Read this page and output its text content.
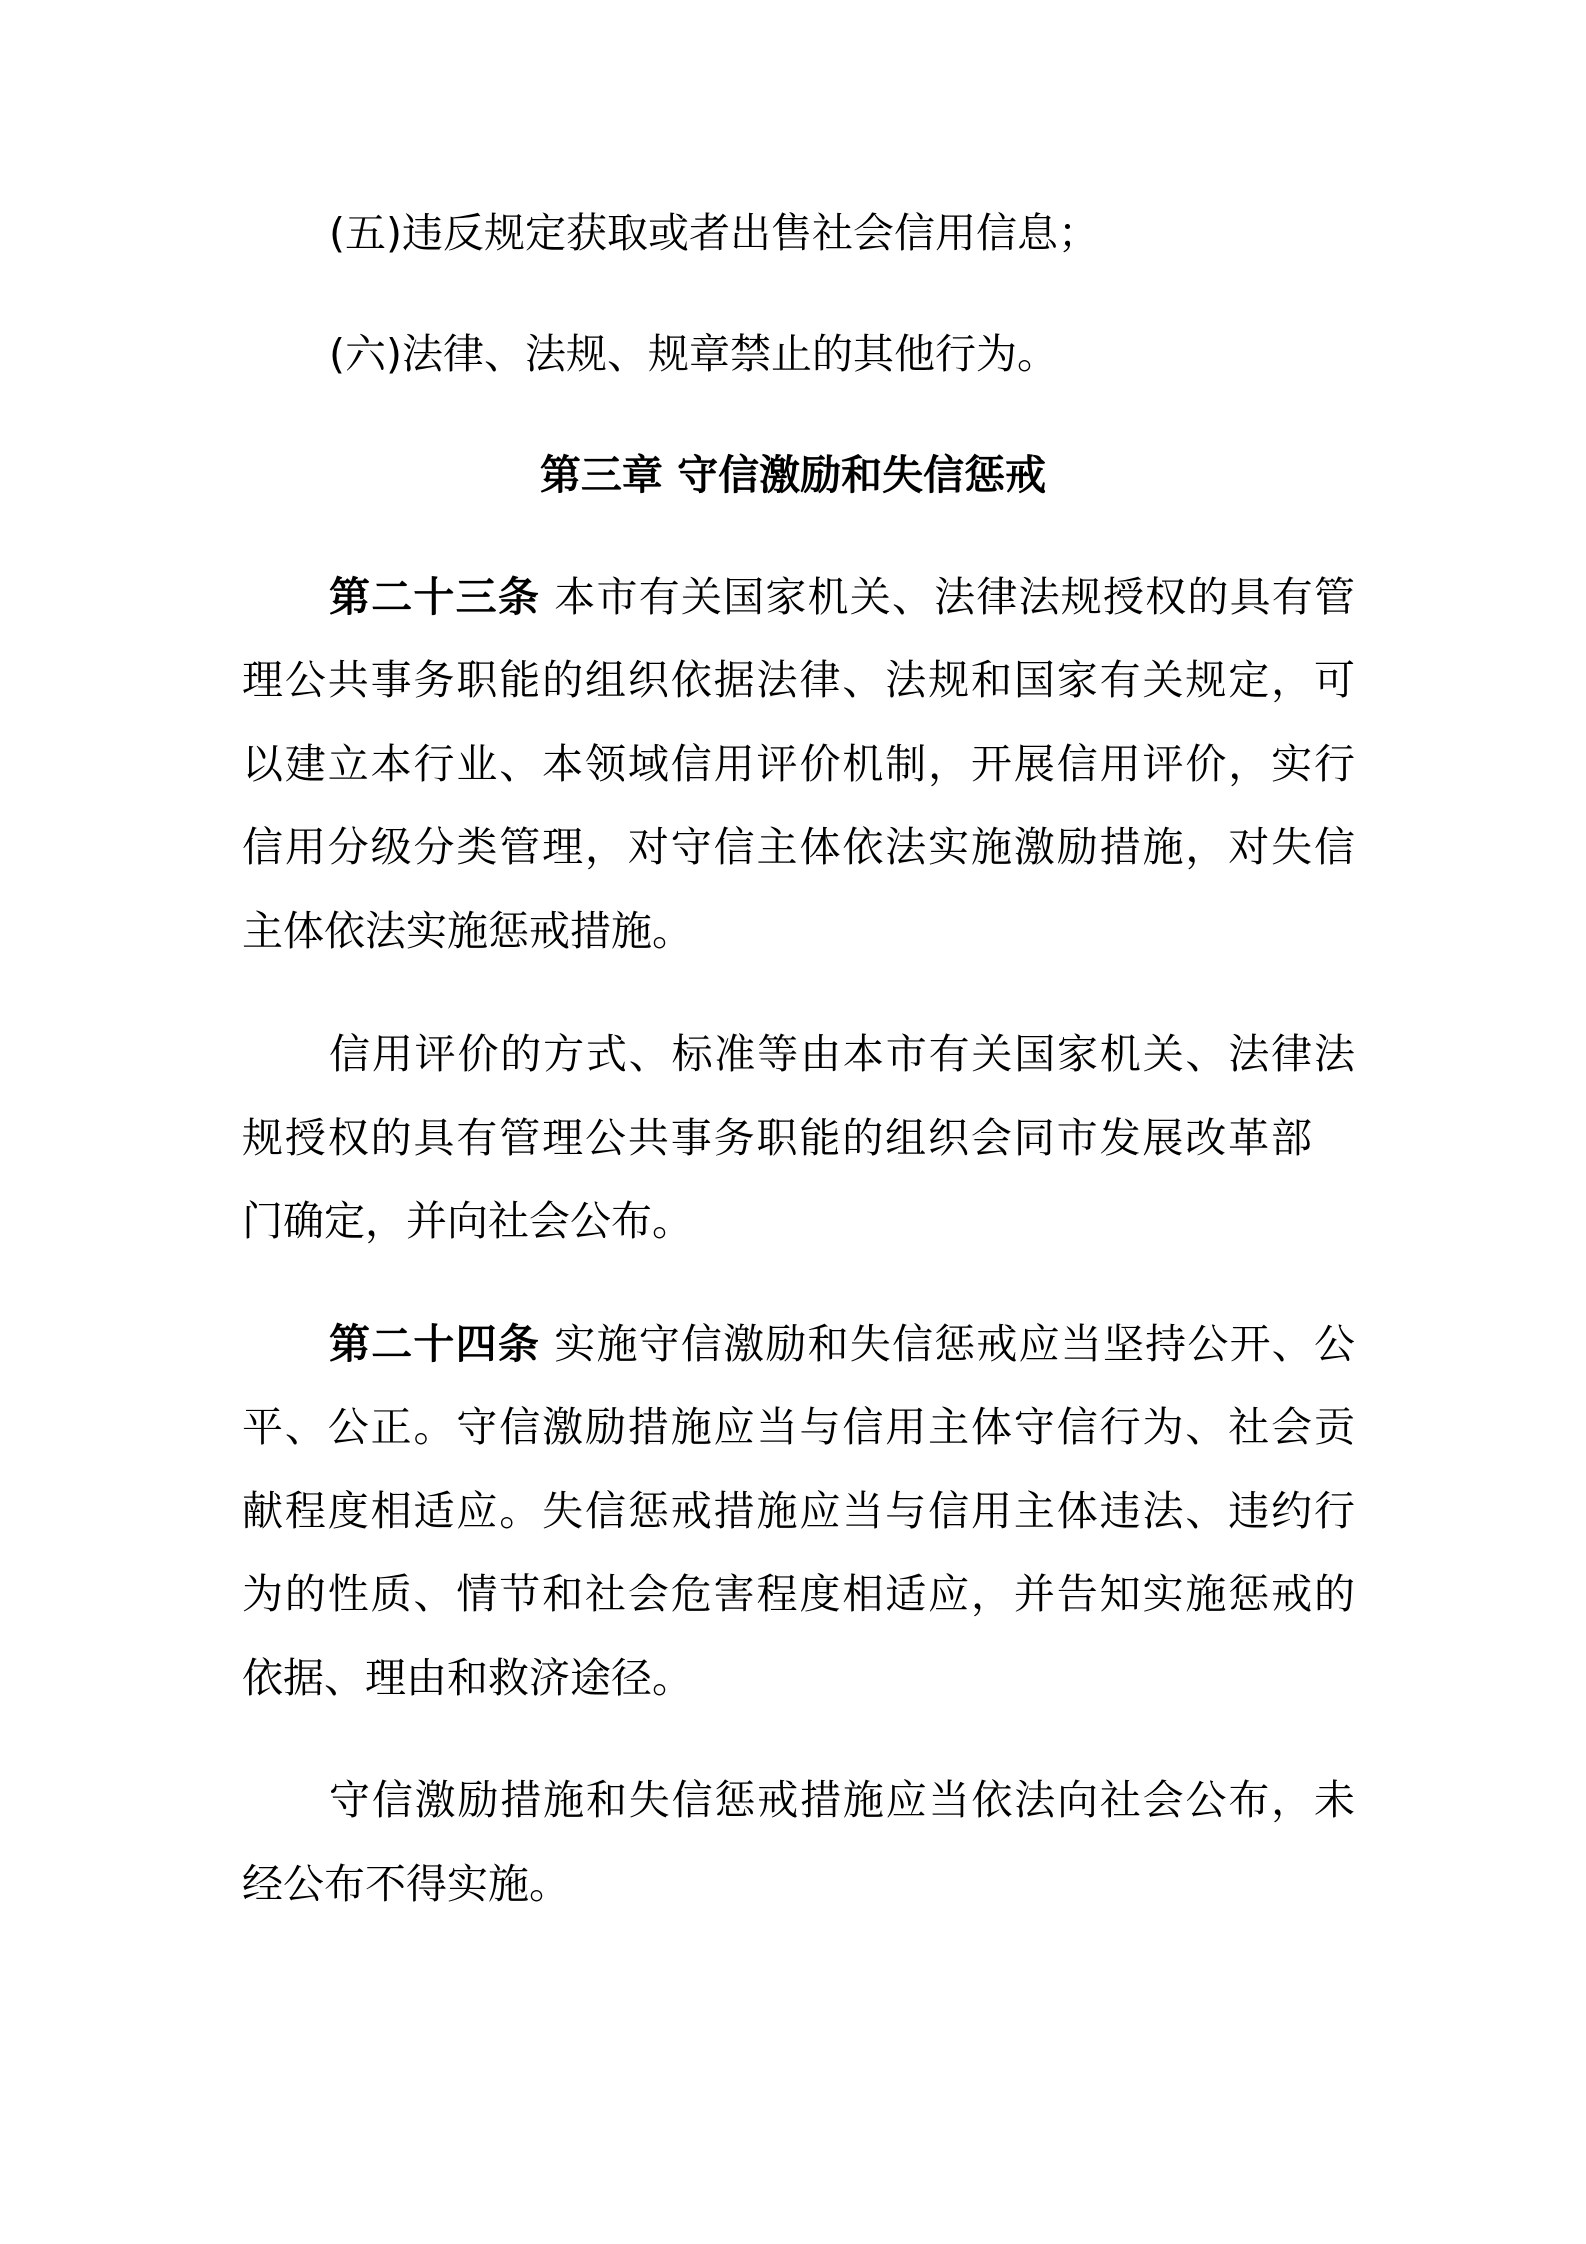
(五)违反规定获取或者出售社会信用信息；
(六)法律、法规、规章禁止的其他行为。
第三章 守信激励和失信惩戒
第二十三条 本市有关国家机关、法律法规授权的具有管
理公共事务职能的组织依据法律、法规和国家有关规定，可
以建立本行业、本领域信用评价机制，开展信用评价，实行
信用分级分类管理，对守信主体依法实施激励措施，对失信
主体依法实施惩戒措施。
信用评价的方式、标准等由本市有关国家机关、法律法
规授权的具有管理公共事务职能的组织会同市发展改革部
门确定，并向社会公布。
第二十四条 实施守信激励和失信惩戒应当坚持公开、公
平、公正。守信激励措施应当与信用主体守信行为、社会贡
献程度相适应。失信惩戒措施应当与信用主体违法、违约行
为的性质、情节和社会危害程度相适应，并告知实施惩戒的
依据、理由和救济途径。
守信激励措施和失信惩戒措施应当依法向社会公布，未
经公布不得实施。
